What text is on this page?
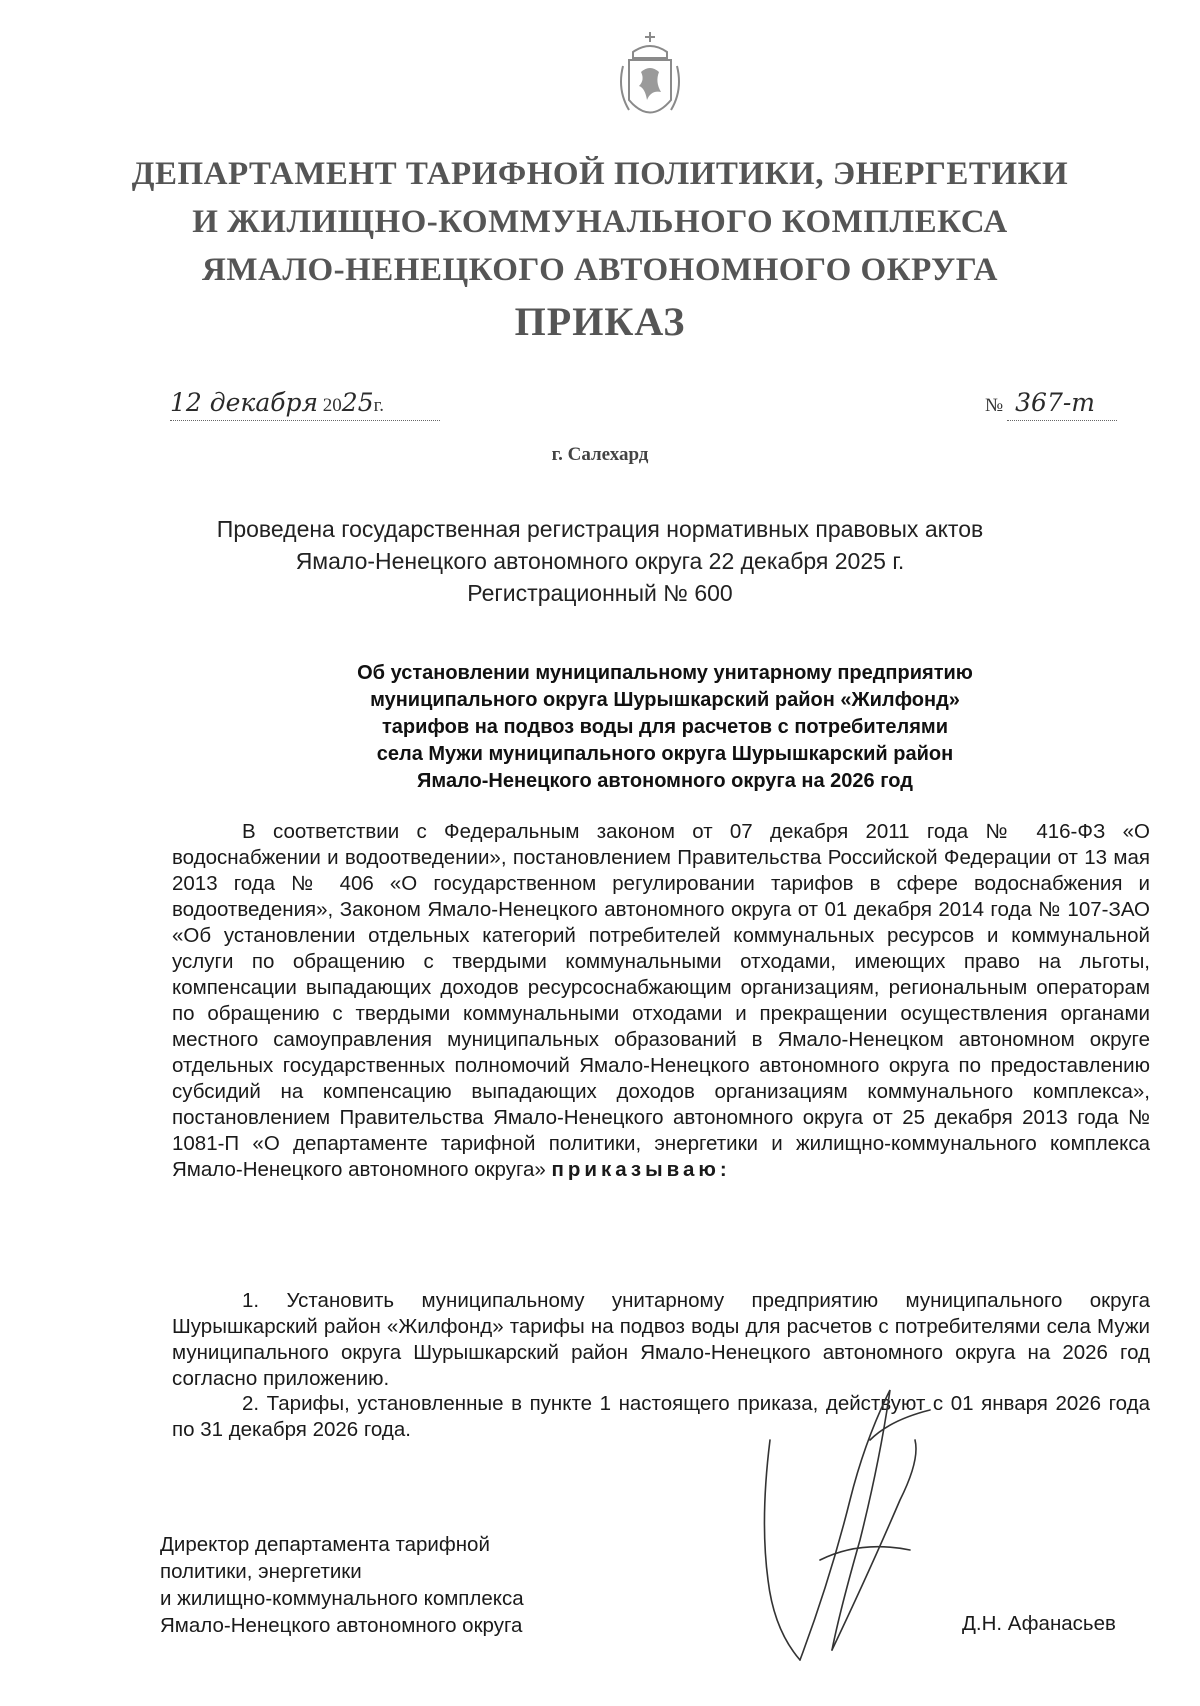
ДЕПАРТАМЕНТ ТАРИФНОЙ ПОЛИТИКИ, ЭНЕРГЕТИКИ
И ЖИЛИЩНО-КОММУНАЛЬНОГО КОМПЛЕКСА
ЯМАЛО-НЕНЕЦКОГО АВТОНОМНОГО ОКРУГА
ПРИКАЗ
12 декабря 2025г.	№ 367-т
г. Салехард
Проведена государственная регистрация нормативных правовых актов
Ямало-Ненецкого автономного округа 22 декабря 2025 г.
Регистрационный № 600
Об установлении муниципальному унитарному предприятию
муниципального округа Шурышкарский район «Жилфонд»
тарифов на подвоз воды для расчетов с потребителями
села Мужи муниципального округа Шурышкарский район
Ямало-Ненецкого автономного округа на 2026 год

В соответствии с Федеральным законом от 07 декабря 2011 года № 416-ФЗ «О водоснабжении и водоотведении», постановлением Правительства Российской Федерации от 13 мая 2013 года № 406 «О государственном регулировании тарифов в сфере водоснабжения и водоотведения», Законом Ямало-Ненецкого автономного округа от 01 декабря 2014 года № 107-ЗАО «Об установлении отдельных категорий потребителей коммунальных ресурсов и коммунальной услуги по обращению с твердыми коммунальными отходами, имеющих право на льготы, компенсации выпадающих доходов ресурсоснабжающим организациям, региональным операторам по обращению с твердыми коммунальными отходами и прекращении осуществления органами местного самоуправления муниципальных образований в Ямало-Ненецком автономном округе отдельных государственных полномочий Ямало-Ненецкого автономного округа по предоставлению субсидий на компенсацию выпадающих доходов организациям коммунального комплекса», постановлением Правительства Ямало-Ненецкого автономного округа от 25 декабря 2013 года № 1081-П «О департаменте тарифной политики, энергетики и жилищно-коммунального комплекса Ямало-Ненецкого автономного округа» приказываю:

1. Установить муниципальному унитарному предприятию муниципального округа Шурышкарский район «Жилфонд» тарифы на подвоз воды для расчетов с потребителями села Мужи муниципального округа Шурышкарский район Ямало-Ненецкого автономного округа на 2026 год согласно приложению.

2. Тарифы, установленные в пункте 1 настоящего приказа, действуют с 01 января 2026 года по 31 декабря 2026 года.

Директор департамента тарифной
политики, энергетики
и жилищно-коммунального комплекса
Ямало-Ненецкого автономного округа	Д.Н. Афанасьев
